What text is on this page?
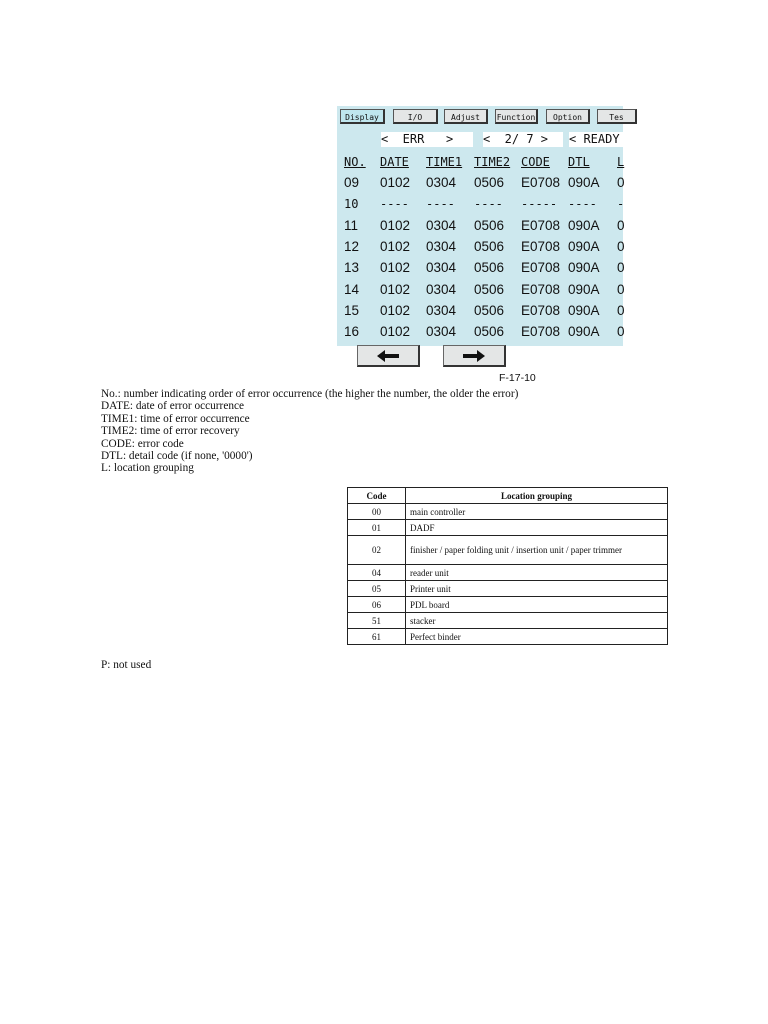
Display	I/O	Adjust	Function	Option	Tes
<  ERR   >	<  2/ 7 >	< READY
NO. DATE TIME1 TIME2 CODE DTL L
09 0102 0304 0506 E0708 090A 0
10 ---- ---- ---- ----- ---- -
11 0102 0304 0506 E0708 090A 0
12 0102 0304 0506 E0708 090A 0
13 0102 0304 0506 E0708 090A 0
14 0102 0304 0506 E0708 090A 0
15 0102 0304 0506 E0708 090A 0
16 0102 0304 0506 E0708 090A 0
F-17-10
No.: number indicating order of error occurrence (the higher the number, the older the error)
DATE: date of error occurrence
TIME1: time of error occurrence
TIME2: time of error recovery
CODE: error code
DTL: detail code (if none, '0000')
L: location grouping
Code	Location grouping
00	main controller
01	DADF
02	finisher / paper folding unit / insertion unit / paper trimmer
04	reader unit
05	Printer unit
06	PDL board
51	stacker
61	Perfect binder
P: not used
